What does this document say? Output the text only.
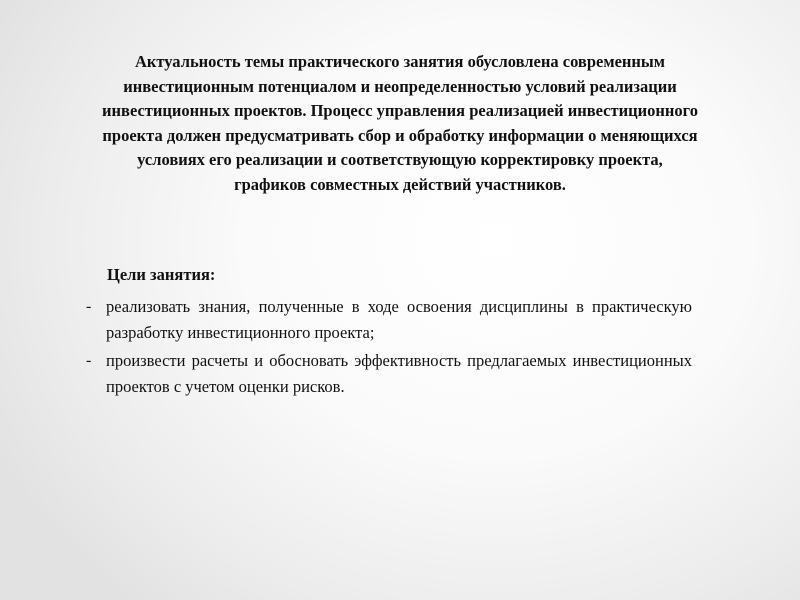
Актуальность темы практического занятия обусловлена современным инвестиционным потенциалом и неопределенностью условий реализации инвестиционных проектов. Процесс управления реализацией инвестиционного проекта должен предусматривать сбор и обработку информации о меняющихся условиях его реализации и соответствующую корректировку проекта, графиков совместных действий участников.

Цели занятия:

- реализовать знания, полученные в ходе освоения дисциплины в практическую разработку инвестиционного проекта;
- произвести расчеты и обосновать эффективность предлагаемых инвестиционных проектов с учетом оценки рисков.
